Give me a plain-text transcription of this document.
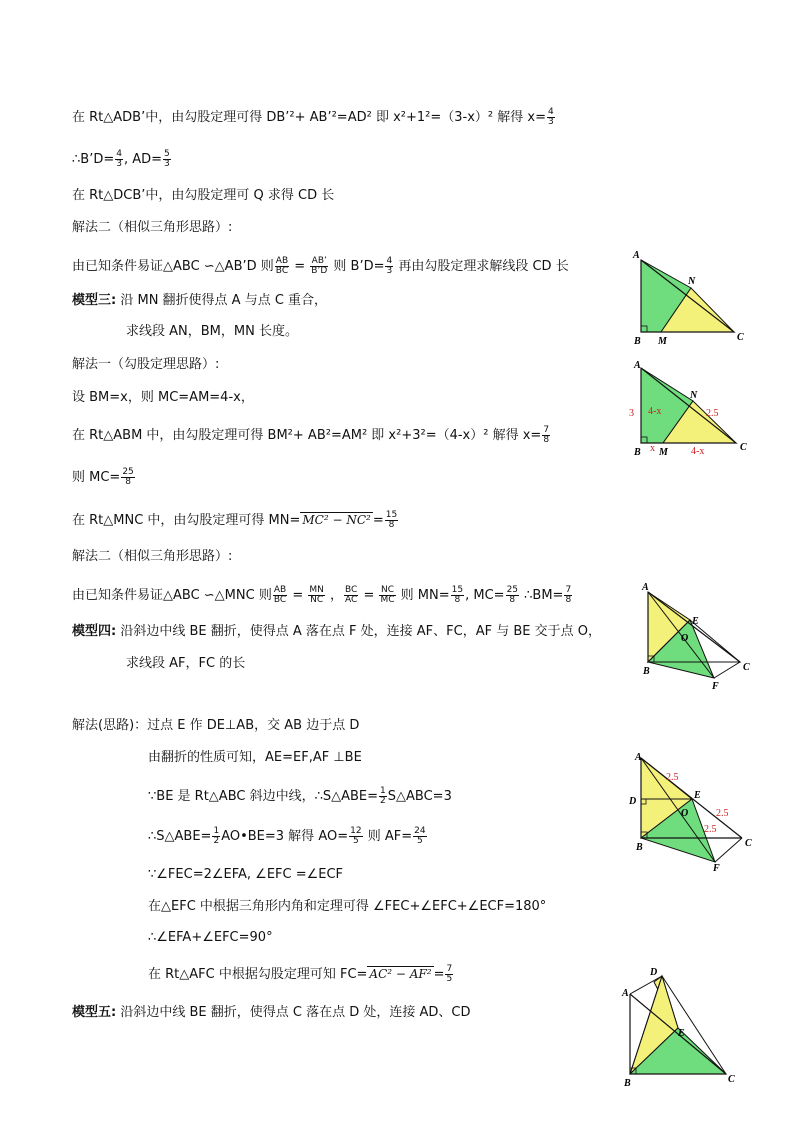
在 Rt△ADB’中，由勾股定理可得 DB’²+ AB’²=AD² 即 x²+1²=（3-x）² 解得 $x= \frac{4}{3}$
∴B’D= $\frac{4}{3}$ , $AD= \frac{5}{3}$
在 Rt△DCB’中，由勾股定理可 Q 求得 CD 长
解法二（相似三角形思路）:
由已知条件易证△ABC ∽△AB’D 则 $\frac{AB}{BC} = \frac{AB’}{B’D}$ 则 B’D= $\frac{4}{3}$ 再由勾股定理求解线段 CD 长
模型三: 沿 MN 翻折使得点 A 与点 C 重合，
求线段 AN，BM，MN 长度。
解法一（勾股定理思路）:
设 BM=x，则 MC=AM=4-x，
在 Rt△ABM 中，由勾股定理可得 BM²+ AB²=AM² 即 x²+3²=（4-x）² 解得 $x= \frac{7}{8}$
则 $MC= \frac{25}{8}$
在 Rt△MNC 中，由勾股定理可得 $MN= MC^2 - NC^2 = \frac{15}{8}$
解法二（相似三角形思路）:
由已知条件易证△ABC ∽△MNC 则 $\frac{AB}{BC} = \frac{MN}{NC}$ ， $\frac{BC}{AC} = \frac{NC}{MC}$ 则 $MN= \frac{15}{8}$ , $MC= \frac{25}{8}$ ∴BM= $\frac{7}{8}$
模型四: 沿斜边中线 BE 翻折，使得点 A 落在点 F 处，连接 AF、FC，AF 与 BE 交于点 O，
求线段 AF，FC 的长
解法(思路)：过点 E 作 DE⊥AB，交 AB 边于点 D
由翻折的性质可知，AE=EF,AF ⊥BE
∵BE 是 Rt△ABC 斜边中线，∴S△ABE= $\frac{1}{2}$ S△ABC=3
∴S△ABE= $\frac{1}{2}$ AO•BE=3 解得 $AO= \frac{12}{5}$ 则 $AF= \frac{24}{5}$
∵∠FEC=2∠EFA, ∠EFC =∠ECF
在△EFC 中根据三角形内角和定理可得 ∠FEC+∠EFC+∠ECF=180°
∴∠EFA+∠EFC=90°
在 Rt△AFC 中根据勾股定理可知 $FC= AC^2 - AF^2 = \frac{7}{5}$
模型五: 沿斜边中线 BE 翻折，使得点 C 落在点 D 处，连接 AD、CD
A
B M
N
C
A
B M
N
C
3 4-x	2.5
x	4-x
A
B
E
O
F
C
A
B
D
E
O
F
C
2.5
2.5
2.5
A
D
E
B	C
